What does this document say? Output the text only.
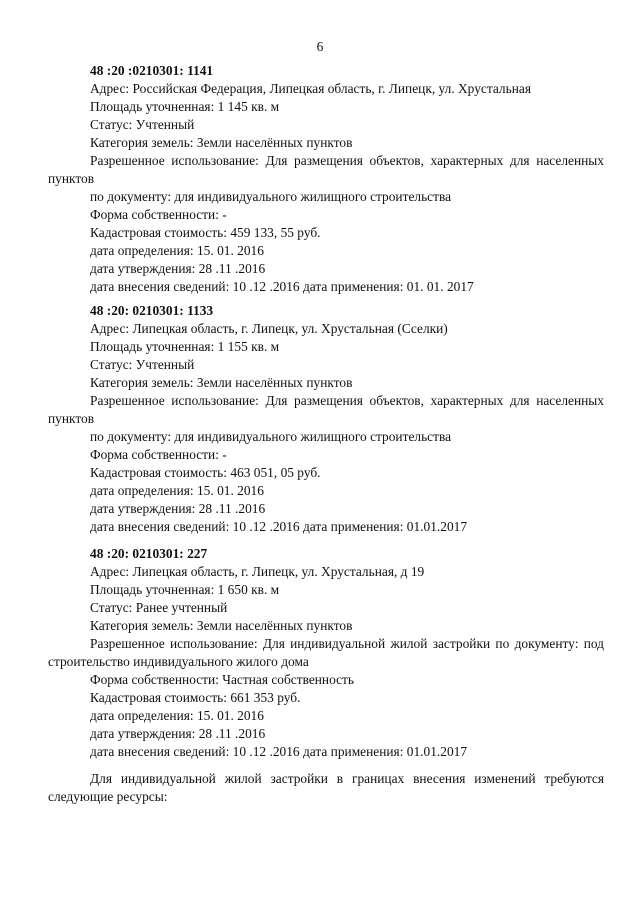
6
48 :20 :0210301: 1141
Адрес: Российская Федерация, Липецкая область, г. Липецк, ул. Хрустальная
Площадь уточненная: 1 145 кв. м
Статус: Учтенный
Категория земель: Земли населённых пунктов
Разрешенное использование: Для размещения объектов, характерных для населенных пунктов
по документу: для индивидуального жилищного строительства
Форма собственности: -
Кадастровая стоимость: 459 133, 55 руб.
дата определения: 15. 01. 2016
дата утверждения: 28 .11 .2016
дата внесения сведений: 10 .12 .2016 дата применения: 01. 01. 2017
48 :20: 0210301: 1133
Адрес: Липецкая область, г. Липецк, ул. Хрустальная (Сселки)
Площадь уточненная: 1 155 кв. м
Статус: Учтенный
Категория земель: Земли населённых пунктов
Разрешенное использование: Для размещения объектов, характерных для населенных пунктов
по документу: для индивидуального жилищного строительства
Форма собственности: -
Кадастровая стоимость: 463 051, 05 руб.
дата определения: 15. 01. 2016
дата утверждения: 28 .11 .2016
дата внесения сведений: 10 .12 .2016 дата применения: 01.01.2017
48 :20: 0210301: 227
Адрес: Липецкая область, г. Липецк, ул. Хрустальная, д 19
Площадь уточненная: 1 650 кв. м
Статус: Ранее учтенный
Категория земель: Земли населённых пунктов
Разрешенное использование: Для индивидуальной жилой застройки по документу: под строительство индивидуального жилого дома
Форма собственности: Частная собственность
Кадастровая стоимость: 661 353 руб.
дата определения: 15. 01. 2016
дата утверждения: 28 .11 .2016
дата внесения сведений: 10 .12 .2016 дата применения: 01.01.2017
Для индивидуальной жилой застройки в границах внесения изменений требуются следующие ресурсы:
